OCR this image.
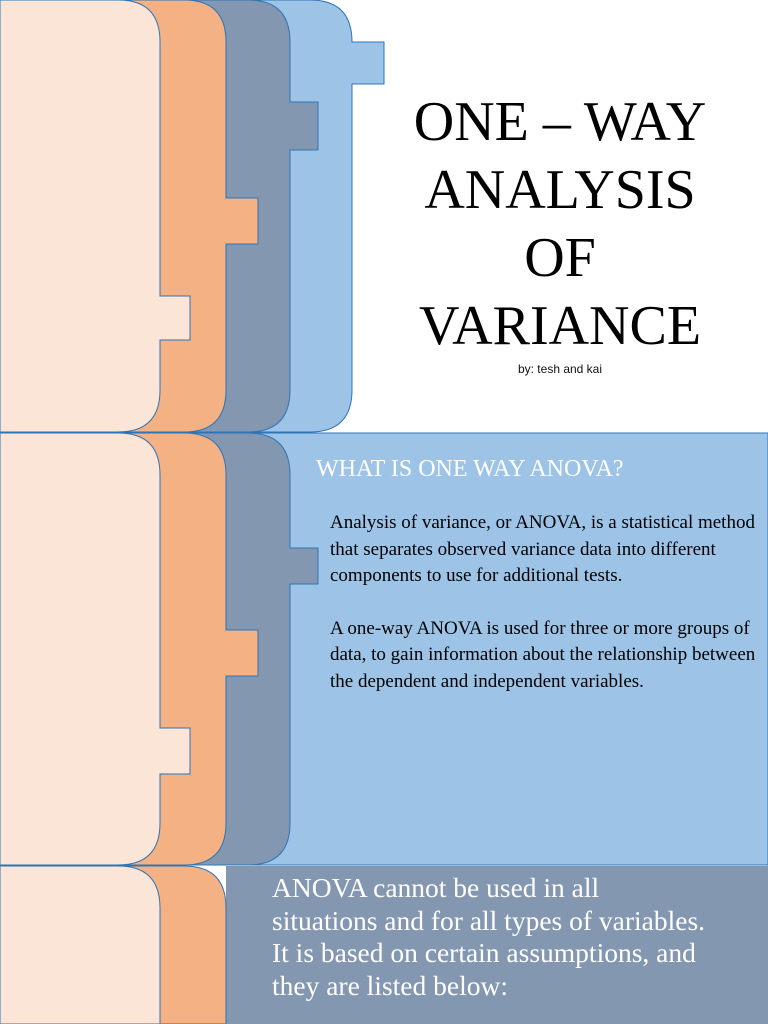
ONE – WAY
ANALYSIS
OF
VARIANCE
by: tesh and kai
WHAT IS ONE WAY ANOVA?

Analysis of variance, or ANOVA, is a statistical method that separates observed variance data into different components to use for additional tests.

A one-way ANOVA is used for three or more groups of data, to gain information about the relationship between the dependent and independent variables.

ANOVA cannot be used in all
situations and for all types of variables.
It is based on certain assumptions, and
they are listed below:
